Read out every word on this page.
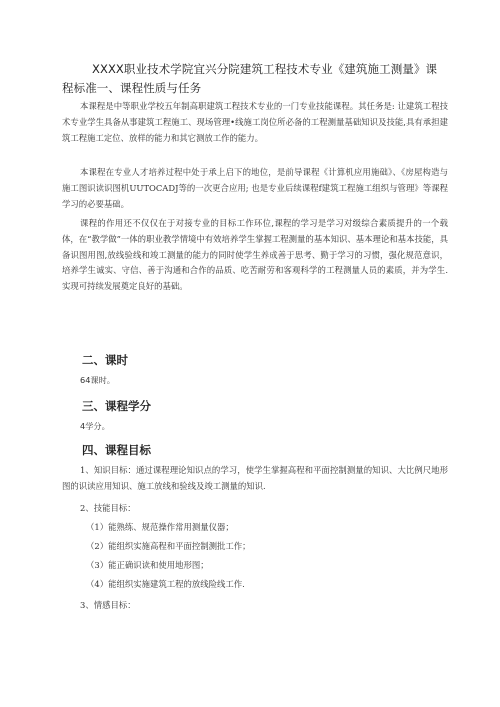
XXXX职业技术学院宜兴分院建筑工程技术专业《建筑施工测量》课
程标准一、课程性质与任务

本课程是中等职业学校五年制高职建筑工程技术专业的一门专业技能课程。其任务是: 让建筑工程技术专业学生具备从事建筑工程施工、现场管理•线施工岗位所必备的工程测量基础知识及技能,具有承担建筑工程施工定位、放样的能力和其它测放工作的能力。

本课程在专业人才培养过程中处于承上启下的地位，是前导课程《计算机应用施础》、《房屋构造与施工图识读识图机UUTOCADJ等的一次更合应用; 也是专业后续课程f建筑工程施工组织与管理》等课程学习的必要基础。

课程的作用还不仅仅在于对接专业的目标工作环位,课程的学习是学习对级综合素质提升的一个载体，在“教学做”一体的职业教学情境中有效培养学生掌握工程测量的基本知识、基本理论和基本技能，具备识图用图,放线验线和竣工测量的能力的同时使学生养成善于思考、勤于学习的习惯，强化规范意识，培养学生诚实、守信、善于沟通和合作的品质、吃苦耐劳和客观科学的工程测量人员的素质，并为学生.实现可持续发展奠定良好的基础。

二、课时

64课时。

三、课程学分

4学分。

四、课程目标

1、知识目标：通过课程理论知识点的学习，使学生掌握高程和平面控制测量的知识、大比例尺地形图的识读应用知识、施工放线和验线及竣工测量的知识.

2、技能目标：

（1）能熟练、规范操作常用测量仪器；

（2）能组织实施高程和平面控制测批工作；

（3）能正确识读和使用地形图；

（4）能组织实施建筑工程的放线险线工作.

3、情感目标：
